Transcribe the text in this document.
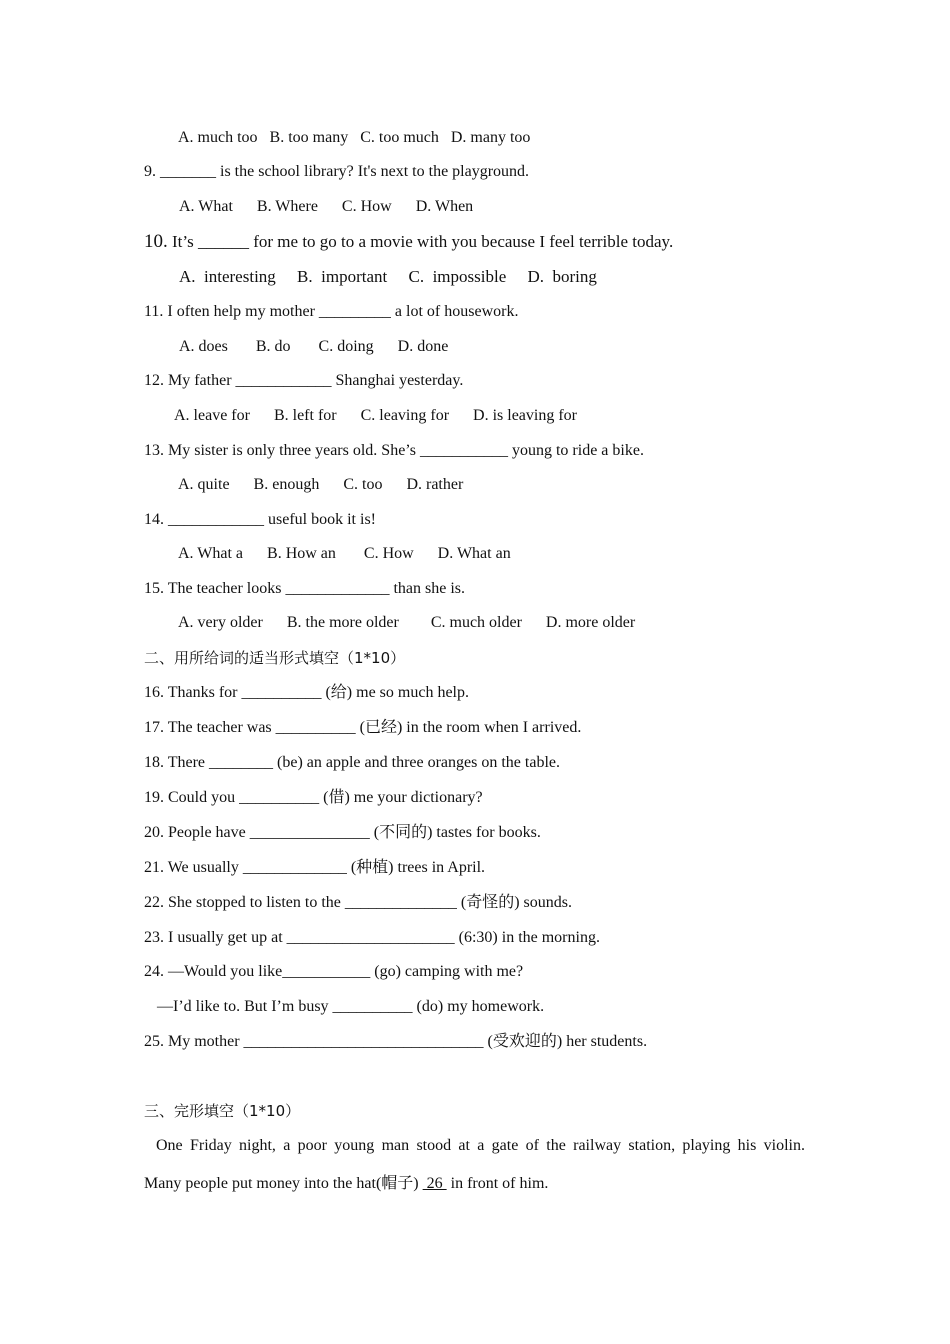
A. much too   B. too many   C. too much   D. many too
9. _______ is the school library? It's next to the playground.
A. What      B. Where      C. How      D. When
10. It’s ______ for me to go to a movie with you because I feel terrible today.
A.  interesting     B.  important     C.  impossible     D.  boring
11. I often help my mother _________ a lot of housework.
A. does       B. do       C. doing      D. done
12. My father ____________ Shanghai yesterday.
A. leave for      B. left for      C. leaving for      D. is leaving for
13. My sister is only three years old. She’s ___________ young to ride a bike.
A. quite      B. enough      C. too      D. rather
14. ____________ useful book it is!
A. What a      B. How an       C. How      D. What an
15. The teacher looks _____________ than she is.
A. very older      B. the more older        C. much older      D. more older
二、用所给词的适当形式填空（1*10）
16. Thanks for __________ (给) me so much help.
17. The teacher was __________ (已经) in the room when I arrived.
18. There ________ (be) an apple and three oranges on the table.
19. Could you __________ (借) me your dictionary?
20. People have _______________ (不同的) tastes for books.
21. We usually _____________ (种植) trees in April.
22. She stopped to listen to the ______________ (奇怪的) sounds.
23. I usually get up at _____________________ (6:30) in the morning.
24. —Would you like___________ (go) camping with me?
—I’d like to. But I’m busy __________ (do) my homework.
25. My mother ______________________________ (受欢迎的) her students.
三、完形填空（1*10）
One Friday night, a poor young man stood at a gate of the railway station, playing his violin.
Many people put money into the hat(帽子)  26  in front of him.
